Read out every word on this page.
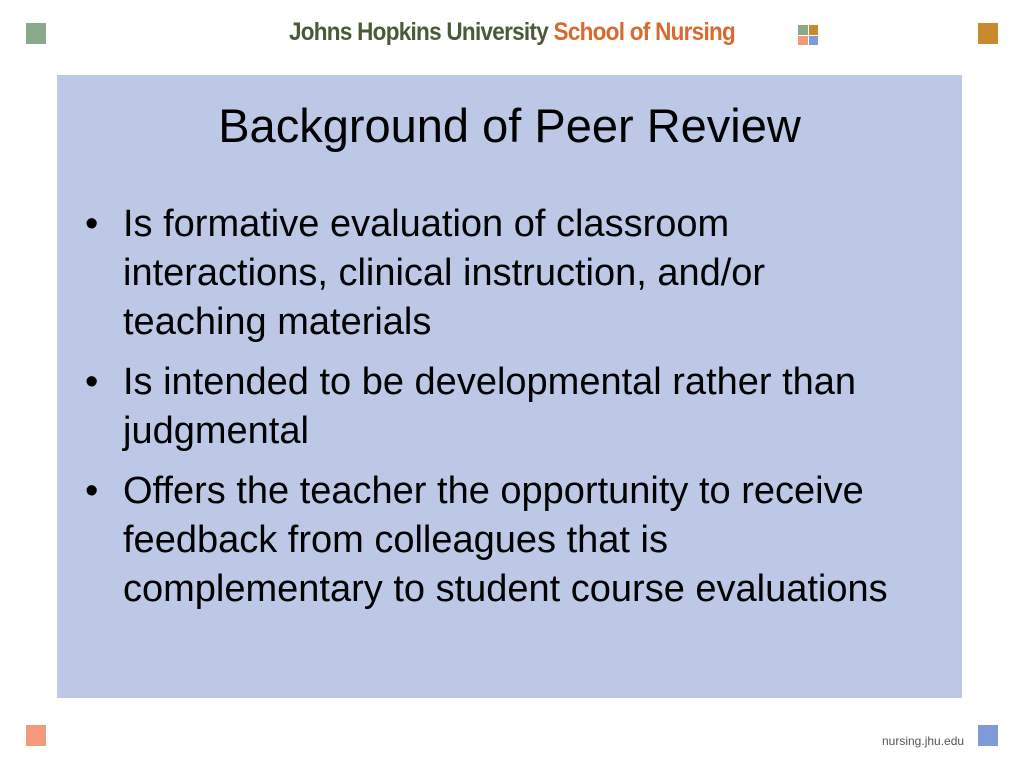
Johns Hopkins University School of Nursing
Background of Peer Review
• Is formative evaluation of classroom interactions, clinical instruction, and/or teaching materials
• Is intended to be developmental rather than judgmental
• Offers the teacher the opportunity to receive feedback from colleagues that is complementary to student course evaluations
nursing.jhu.edu
